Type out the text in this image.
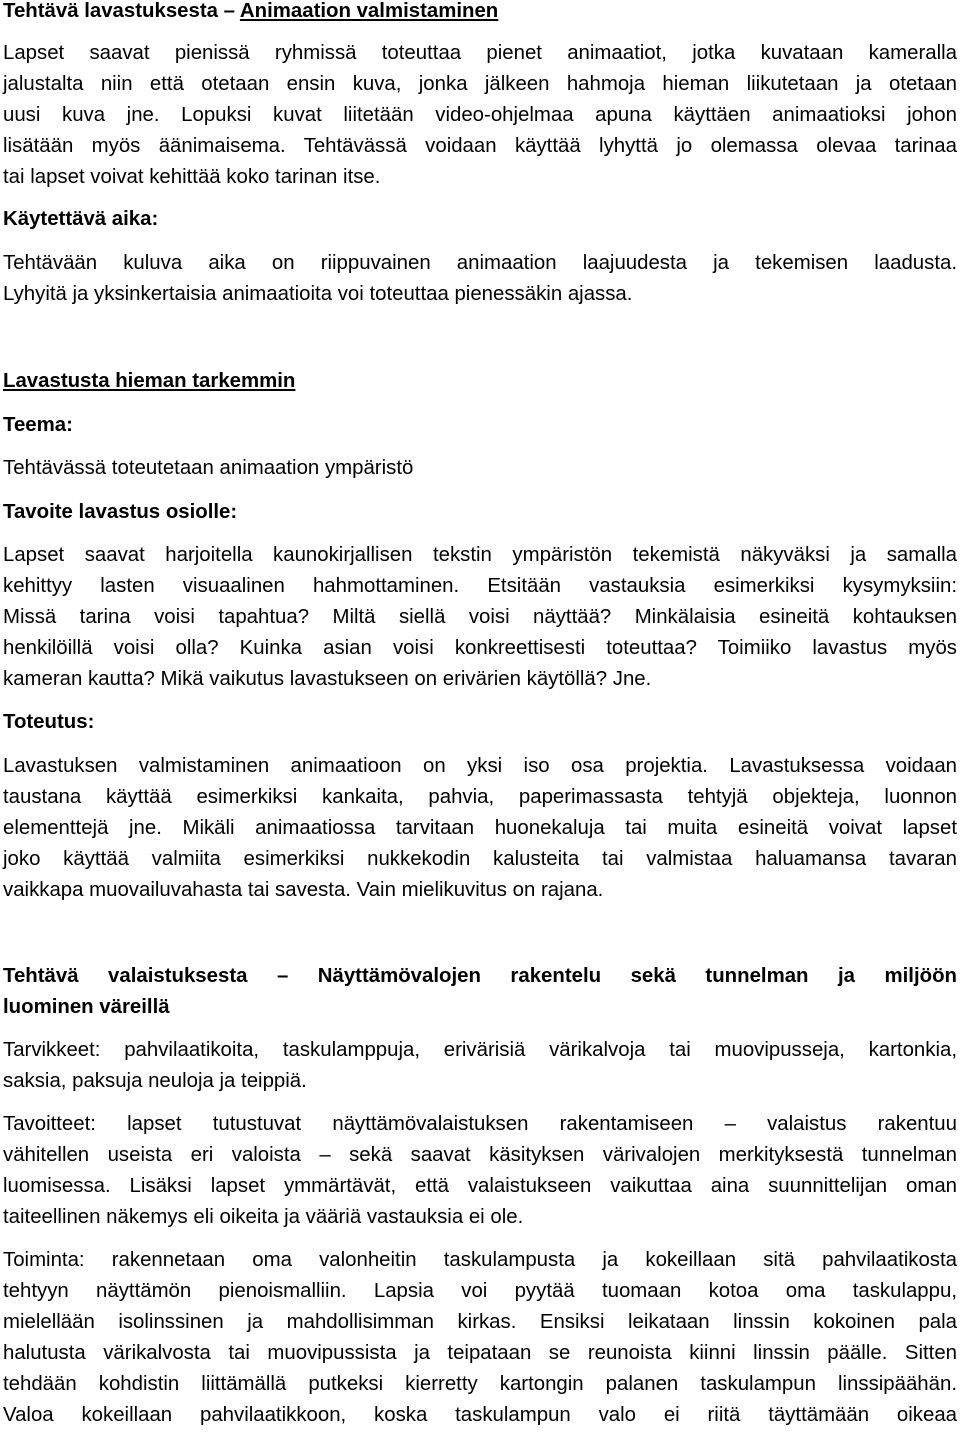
Tehtävä lavastuksesta – Animaation valmistaminen
Lapset saavat pienissä ryhmissä toteuttaa pienet animaatiot, jotka kuvataan kameralla
jalustalta niin että otetaan ensin kuva, jonka jälkeen hahmoja hieman liikutetaan ja otetaan
uusi kuva jne. Lopuksi kuvat liitetään video-ohjelmaa apuna käyttäen animaatioksi johon
lisätään myös äänimaisema. Tehtävässä voidaan käyttää lyhyttä jo olemassa olevaa tarinaa
tai lapset voivat kehittää koko tarinan itse.
Käytettävä aika:
Tehtävään kuluva aika on riippuvainen animaation laajuudesta ja tekemisen laadusta.
Lyhyitä ja yksinkertaisia animaatioita voi toteuttaa pienessäkin ajassa.
Lavastusta hieman tarkemmin
Teema:
Tehtävässä toteutetaan animaation ympäristö
Tavoite lavastus osiolle:
Lapset saavat harjoitella kaunokirjallisen tekstin ympäristön tekemistä näkyväksi ja samalla
kehittyy lasten visuaalinen hahmottaminen. Etsitään vastauksia esimerkiksi kysymyksiin:
Missä tarina voisi tapahtua? Miltä siellä voisi näyttää? Minkälaisia esineitä kohtauksen
henkilöillä voisi olla? Kuinka asian voisi konkreettisesti toteuttaa? Toimiiko lavastus myös
kameran kautta? Mikä vaikutus lavastukseen on erivärien käytöllä? Jne.
Toteutus:
Lavastuksen valmistaminen animaatioon on yksi iso osa projektia. Lavastuksessa voidaan
taustana käyttää esimerkiksi kankaita, pahvia, paperimassasta tehtyjä objekteja, luonnon
elementtejä jne. Mikäli animaatiossa tarvitaan huonekaluja tai muita esineitä voivat lapset
joko käyttää valmiita esimerkiksi nukkekodin kalusteita tai valmistaa haluamansa tavaran
vaikkapa muovailuvahasta tai savesta. Vain mielikuvitus on rajana.
Tehtävä valaistuksesta – Näyttämövalojen rakentelu sekä tunnelman ja miljöön
luominen väreillä
Tarvikkeet: pahvilaatikoita, taskulamppuja, erivärisiä värikalvoja tai muovipusseja, kartonkia,
saksia, paksuja neuloja ja teippiä.
Tavoitteet: lapset tutustuvat näyttämövalaistuksen rakentamiseen – valaistus rakentuu
vähitellen useista eri valoista – sekä saavat käsityksen värivalojen merkityksestä tunnelman
luomisessa. Lisäksi lapset ymmärtävät, että valaistukseen vaikuttaa aina suunnittelijan oman
taiteellinen näkemys eli oikeita ja vääriä vastauksia ei ole.
Toiminta: rakennetaan oma valonheitin taskulampusta ja kokeillaan sitä pahvilaatikosta
tehtyyn näyttämön pienoismalliin. Lapsia voi pyytää tuomaan kotoa oma taskulappu,
mielellään isolinssinen ja mahdollisimman kirkas. Ensiksi leikataan linssin kokoinen pala
halutusta värikalvosta tai muovipussista ja teipataan se reunoista kiinni linssin päälle. Sitten
tehdään kohdistin liittämällä putkeksi kierretty kartongin palanen taskulampun linssipäähän.
Valoa kokeillaan pahvilaatikkoon, koska taskulampun valo ei riitä täyttämään oikeaa
